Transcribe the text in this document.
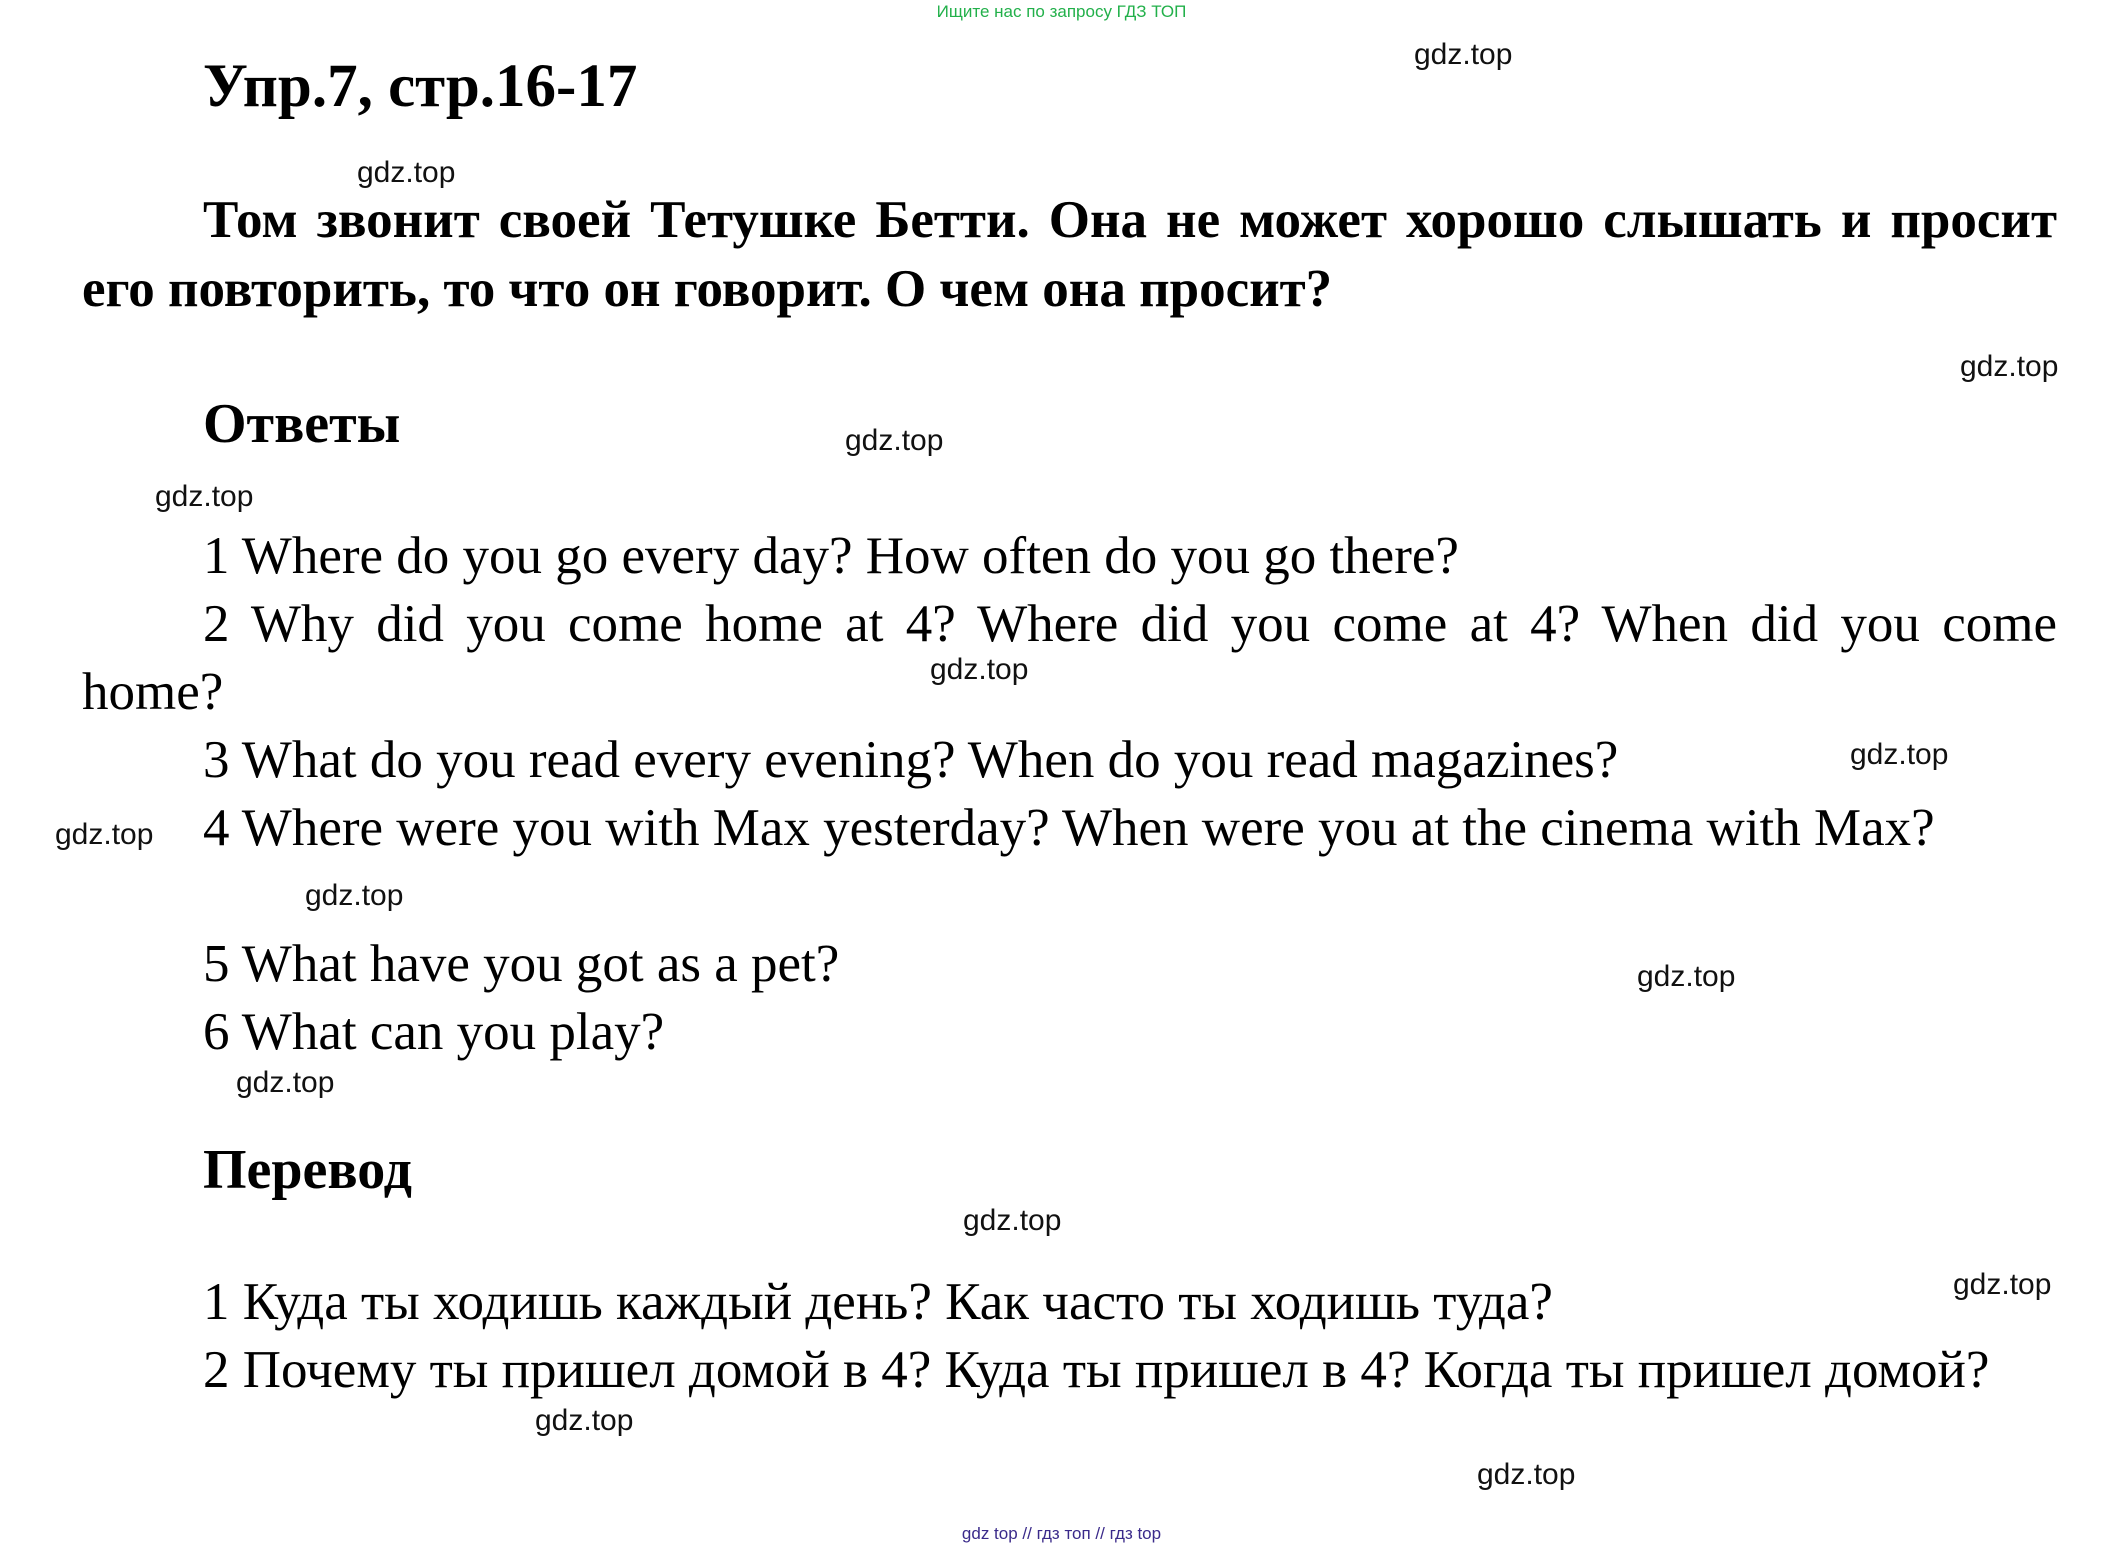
Ищите нас по запросу ГДЗ ТОП
Упр.7, стр.16-17
Том звонит своей Тетушке Бетти. Она не может хорошо слышать и просит его повторить, то что он говорит. О чем она просит?
Ответы
1 Where do you go every day? How often do you go there?
2 Why did you come home at 4? Where did you come at 4? When did you come home?
3 What do you read every evening? When do you read magazines?
4 Where were you with Max yesterday? When were you at the cinema with Max?
5 What have you got as a pet?
6 What can you play?
Перевод
1 Куда ты ходишь каждый день? Как часто ты ходишь туда?
2 Почему ты пришел домой в 4? Куда ты пришел в 4? Когда ты пришел домой?
gdz.top
gdz.top
gdz.top
gdz.top
gdz.top
gdz.top
gdz.top
gdz.top
gdz.top
gdz.top
gdz.top
gdz.top
gdz.top
gdz.top
gdz.top
gdz top // гдз топ // гдз top
